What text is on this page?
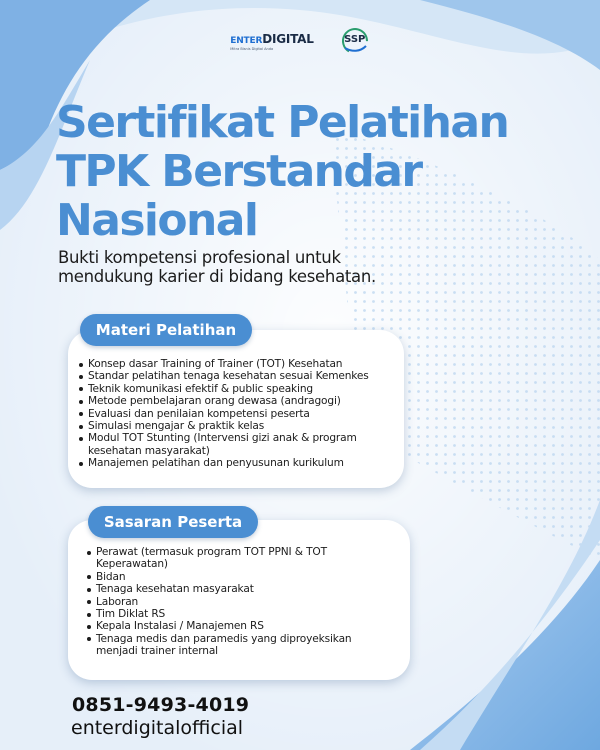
ENTERDIGITAL
Mitra Bisnis Digital Anda
SSP
Sertifikat Pelatihan
TPK Berstandar
Nasional

Bukti kompetensi profesional untuk
mendukung karier di bidang kesehatan.

Konsep dasar Training of Trainer (TOT) Kesehatan
Standar pelatihan tenaga kesehatan sesuai Kemenkes
Teknik komunikasi efektif & public speaking
Metode pembelajaran orang dewasa (andragogi)
Evaluasi dan penilaian kompetensi peserta
Simulasi mengajar & praktik kelas
Modul TOT Stunting (Intervensi gizi anak & program
kesehatan masyarakat)
Manajemen pelatihan dan penyusunan kurikulum
Materi Pelatihan
Perawat (termasuk program TOT PPNI & TOT
Keperawatan)
Bidan
Tenaga kesehatan masyarakat
Laboran
Tim Diklat RS
Kepala Instalasi / Manajemen RS
Tenaga medis dan paramedis yang diproyeksikan
menjadi trainer internal
Sasaran Peserta
0851-9493-4019
enterdigitalofficial
